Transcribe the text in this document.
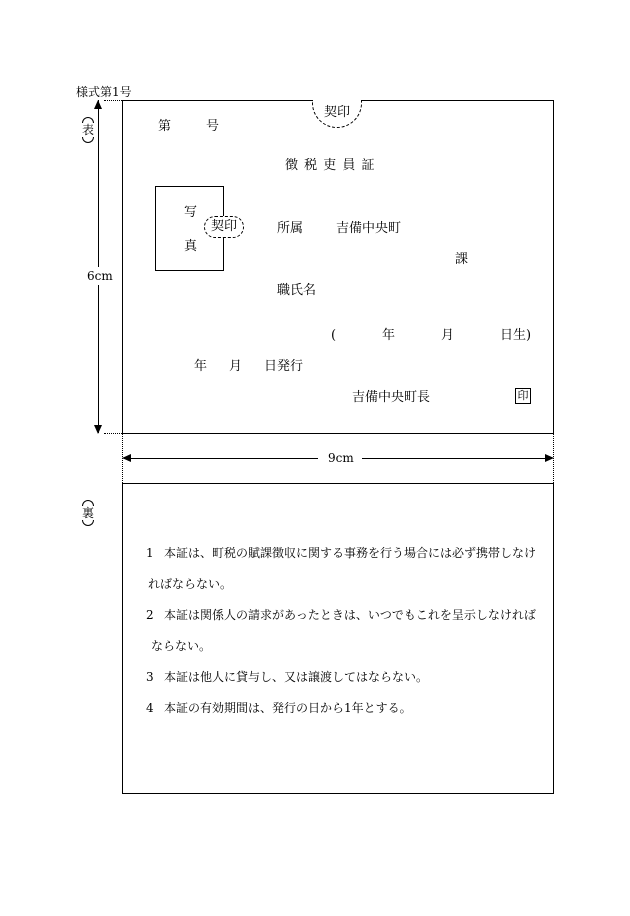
様式第1号
6cm
9cm
表
裏
契印
第	号
徴 税 吏 員 証
写
真
契印	所属	吉備中央町
課
職氏名
(	年	月	日生)
年 月 日発行
吉備中央町長	印
1 本証は、町税の賦課徴収に関する事務を行う場合には必ず携帯しなけ
ればならない。
2 本証は関係人の請求があったときは、いつでもこれを呈示しなければ
ならない。
3 本証は他人に貸与し、又は譲渡してはならない。
4 本証の有効期間は、発行の日から1年とする。
